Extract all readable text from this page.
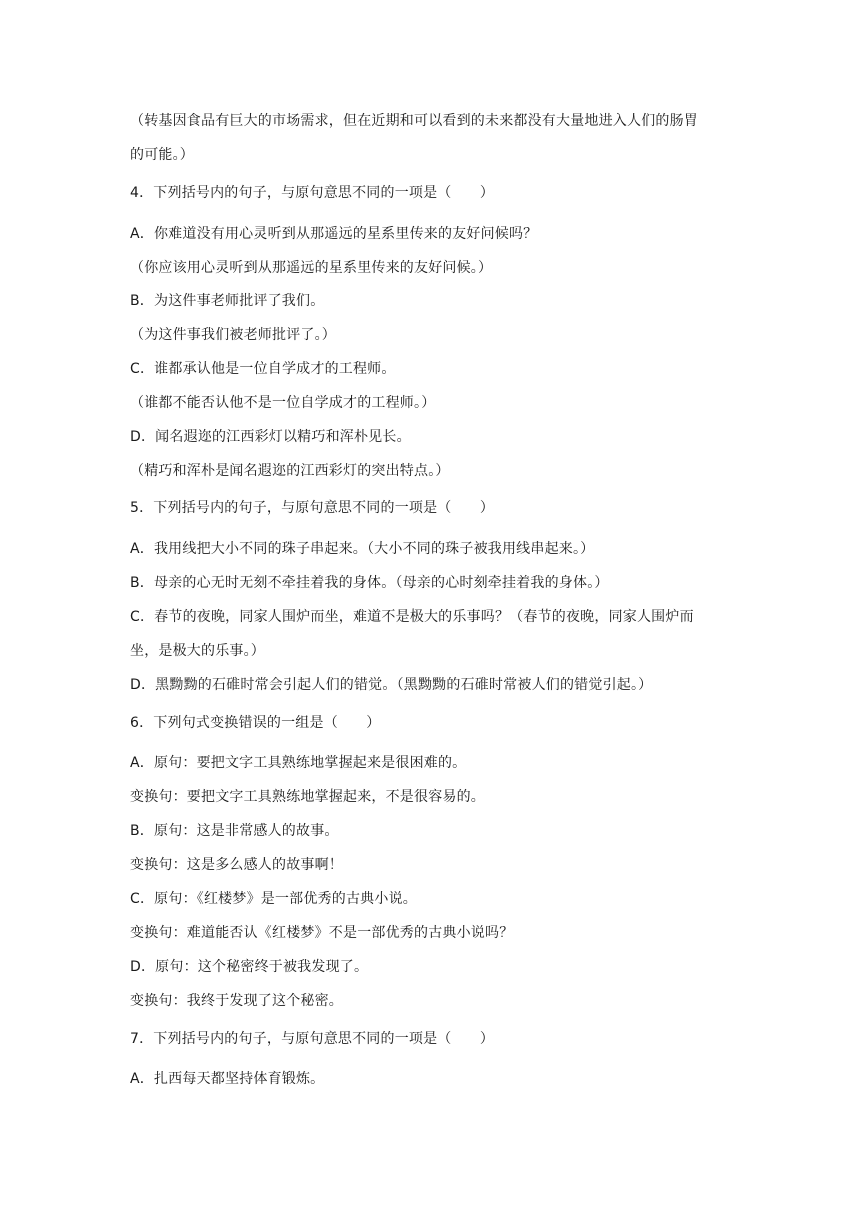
（转基因食品有巨大的市场需求，但在近期和可以看到的未来都没有大量地进入人们的肠胃
的可能。）
4．下列括号内的句子，与原句意思不同的一项是（　　）
A．你难道没有用心灵听到从那遥远的星系里传来的友好问候吗？
（你应该用心灵听到从那遥远的星系里传来的友好问候。）
B．为这件事老师批评了我们。
（为这件事我们被老师批评了。）
C．谁都承认他是一位自学成才的工程师。
（谁都不能否认他不是一位自学成才的工程师。）
D．闻名遐迩的江西彩灯以精巧和浑朴见长。
（精巧和浑朴是闻名遐迩的江西彩灯的突出特点。）
5．下列括号内的句子，与原句意思不同的一项是（　　）
A．我用线把大小不同的珠子串起来。（大小不同的珠子被我用线串起来。）
B．母亲的心无时无刻不牵挂着我的身体。（母亲的心时刻牵挂着我的身体。）
C．春节的夜晚，同家人围炉而坐，难道不是极大的乐事吗？（春节的夜晚，同家人围炉而
坐，是极大的乐事。）
D．黑黝黝的石碓时常会引起人们的错觉。（黑黝黝的石碓时常被人们的错觉引起。）
6．下列句式变换错误的一组是（　　）
A．原句：要把文字工具熟练地掌握起来是很困难的。
变换句：要把文字工具熟练地掌握起来，不是很容易的。
B．原句：这是非常感人的故事。
变换句：这是多么感人的故事啊！
C．原句：《红楼梦》是一部优秀的古典小说。
变换句：难道能否认《红楼梦》不是一部优秀的古典小说吗？
D．原句：这个秘密终于被我发现了。
变换句：我终于发现了这个秘密。
7．下列括号内的句子，与原句意思不同的一项是（　　）
A．扎西每天都坚持体育锻炼。
